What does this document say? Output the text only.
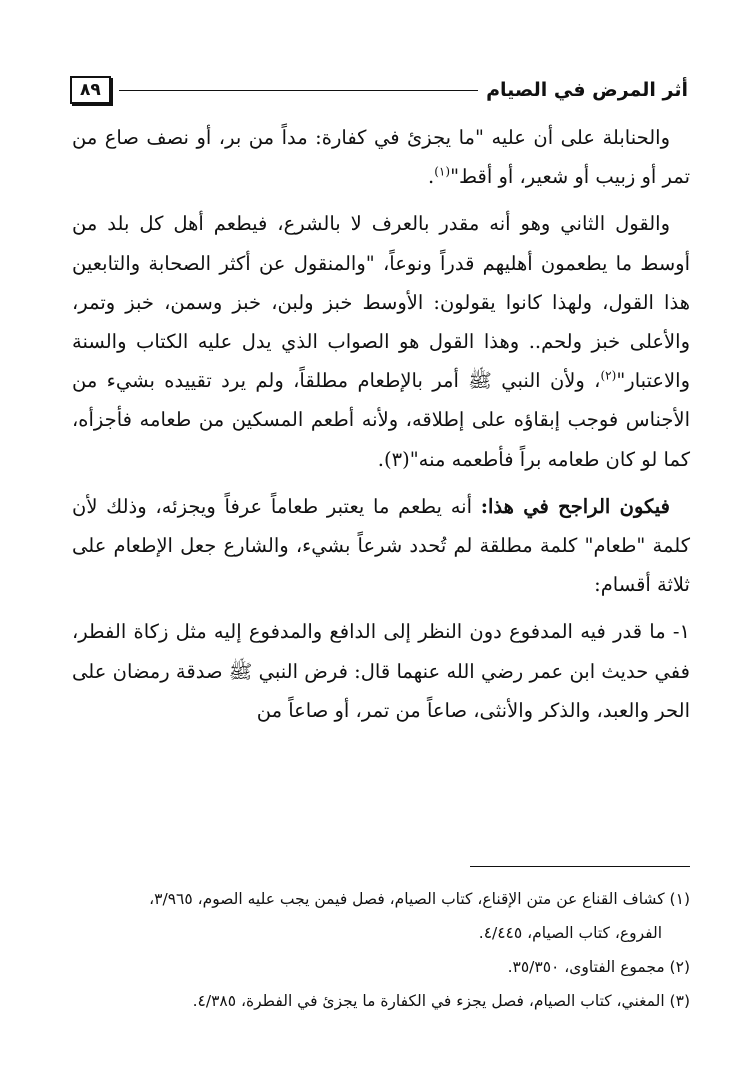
أثر المرض في الصيام
٨٩

والحنابلة على أن عليه "ما يجزئ في كفارة: مداً من بر، أو نصف صاع من تمر أو زبيب أو شعير، أو أقط"$^{(١)}$.

والقول الثاني وهو أنه مقدر بالعرف لا بالشرع، فيطعم أهل كل بلد من أوسط ما يطعمون أهليهم قدراً ونوعاً، "والمنقول عن أكثر الصحابة والتابعين هذا القول، ولهذا كانوا يقولون: الأوسط خبز ولبن، خبز وسمن، خبز وتمر، والأعلى خبز ولحم.. وهذا القول هو الصواب الذي يدل عليه الكتاب والسنة والاعتبار"$^{(٢)}$، ولأن النبي ﷺ أمر بالإطعام مطلقاً، ولم يرد تقييده بشيء من الأجناس فوجب إبقاؤه على إطلاقه، ولأنه أطعم المسكين من طعامه فأجزأه، كما لو كان طعامه براً فأطعمه منه"(٣).

فيكون الراجح في هذا: أنه يطعم ما يعتبر طعاماً عرفاً ويجزئه، وذلك لأن كلمة "طعام" كلمة مطلقة لم تُحدد شرعاً بشيء، والشارع جعل الإطعام على ثلاثة أقسام:

١- ما قدر فيه المدفوع دون النظر إلى الدافع والمدفوع إليه مثل زكاة الفطر، ففي حديث ابن عمر رضي الله عنهما قال: فرض النبي ﷺ صدقة رمضان على الحر والعبد، والذكر والأنثى، صاعاً من تمر، أو صاعاً من

(١) كشاف القناع عن متن الإقناع، كتاب الصيام، فصل فيمن يجب عليه الصوم، ٣/٩٦٥،
الفروع، كتاب الصيام، ٤/٤٤٥.

(٢) مجموع الفتاوى، ٣٥/٣٥٠.

(٣) المغني، كتاب الصيام، فصل يجزء في الكفارة ما يجزئ في الفطرة، ٤/٣٨٥.
